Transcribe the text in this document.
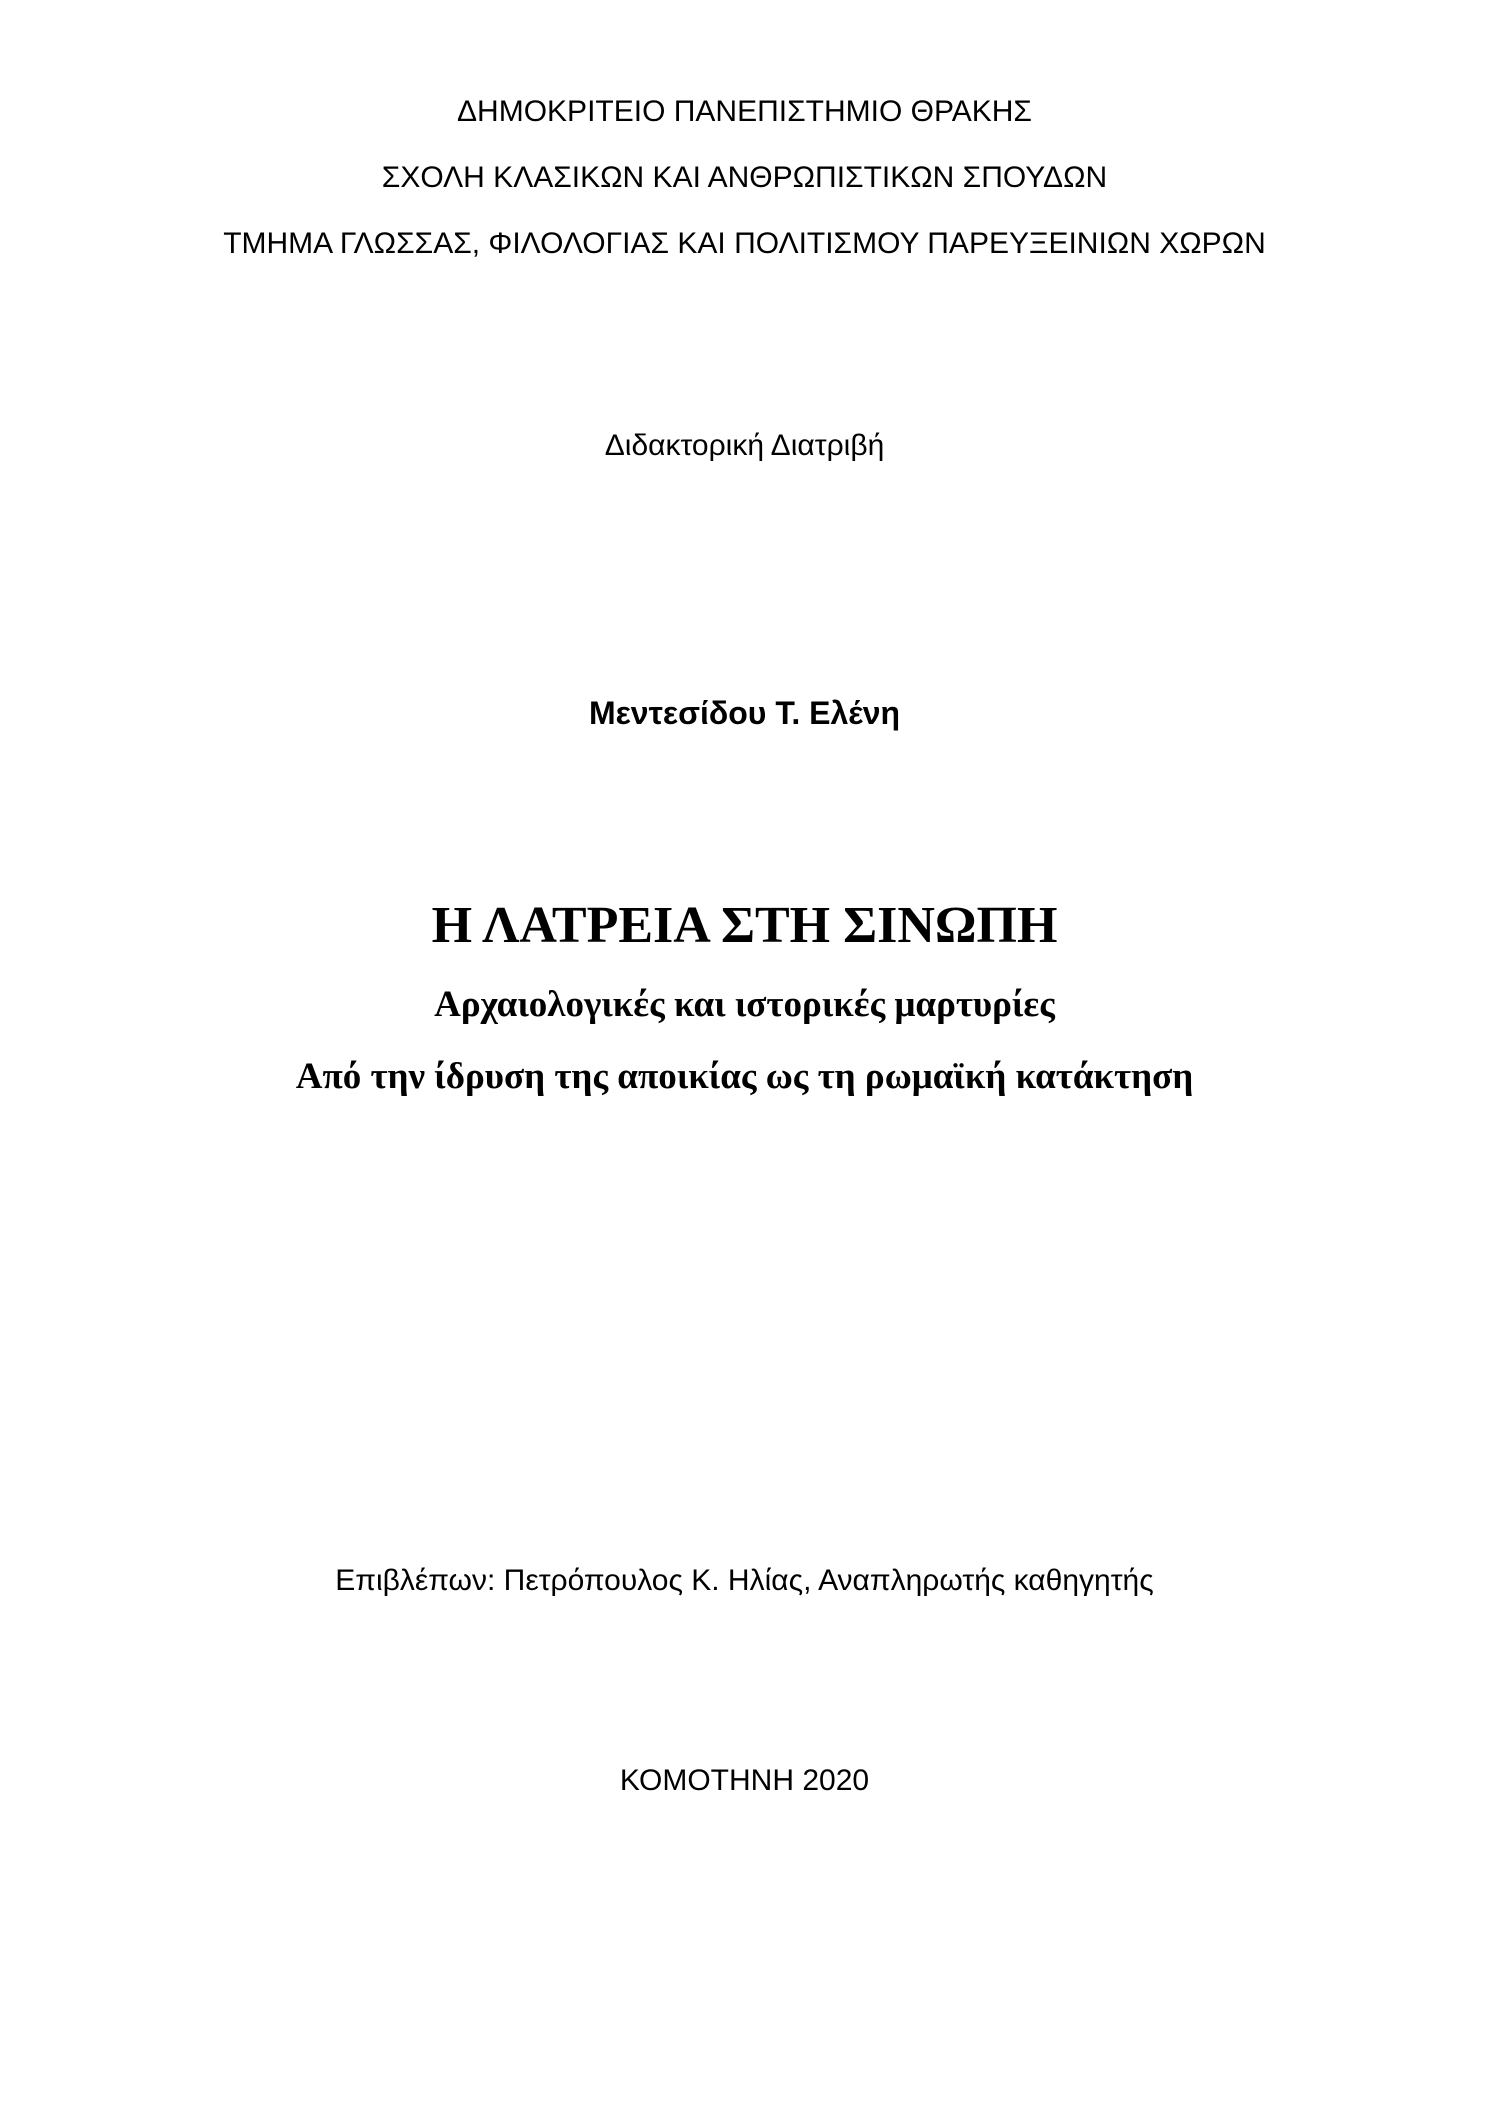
ΔΗΜΟΚΡΙΤΕΙΟ ΠΑΝΕΠΙΣΤΗΜΙΟ ΘΡΑΚΗΣ
ΣΧΟΛΗ ΚΛΑΣΙΚΩΝ ΚΑΙ ΑΝΘΡΩΠΙΣΤΙΚΩΝ ΣΠΟΥΔΩΝ
ΤΜΗΜΑ ΓΛΩΣΣΑΣ, ΦΙΛΟΛΟΓΙΑΣ ΚΑΙ ΠΟΛΙΤΙΣΜΟΥ ΠΑΡΕΥΞΕΙΝΙΩΝ ΧΩΡΩΝ
Διδακτορική Διατριβή
Μεντεσίδου Τ. Ελένη
Η ΛΑΤΡΕΙΑ ΣΤΗ ΣΙΝΩΠΗ
Αρχαιολογικές και ιστορικές μαρτυρίες
Από την ίδρυση της αποικίας ως τη ρωμαϊκή κατάκτηση
Επιβλέπων: Πετρόπουλος Κ. Ηλίας, Αναπληρωτής καθηγητής
ΚΟΜΟΤΗΝΗ 2020
